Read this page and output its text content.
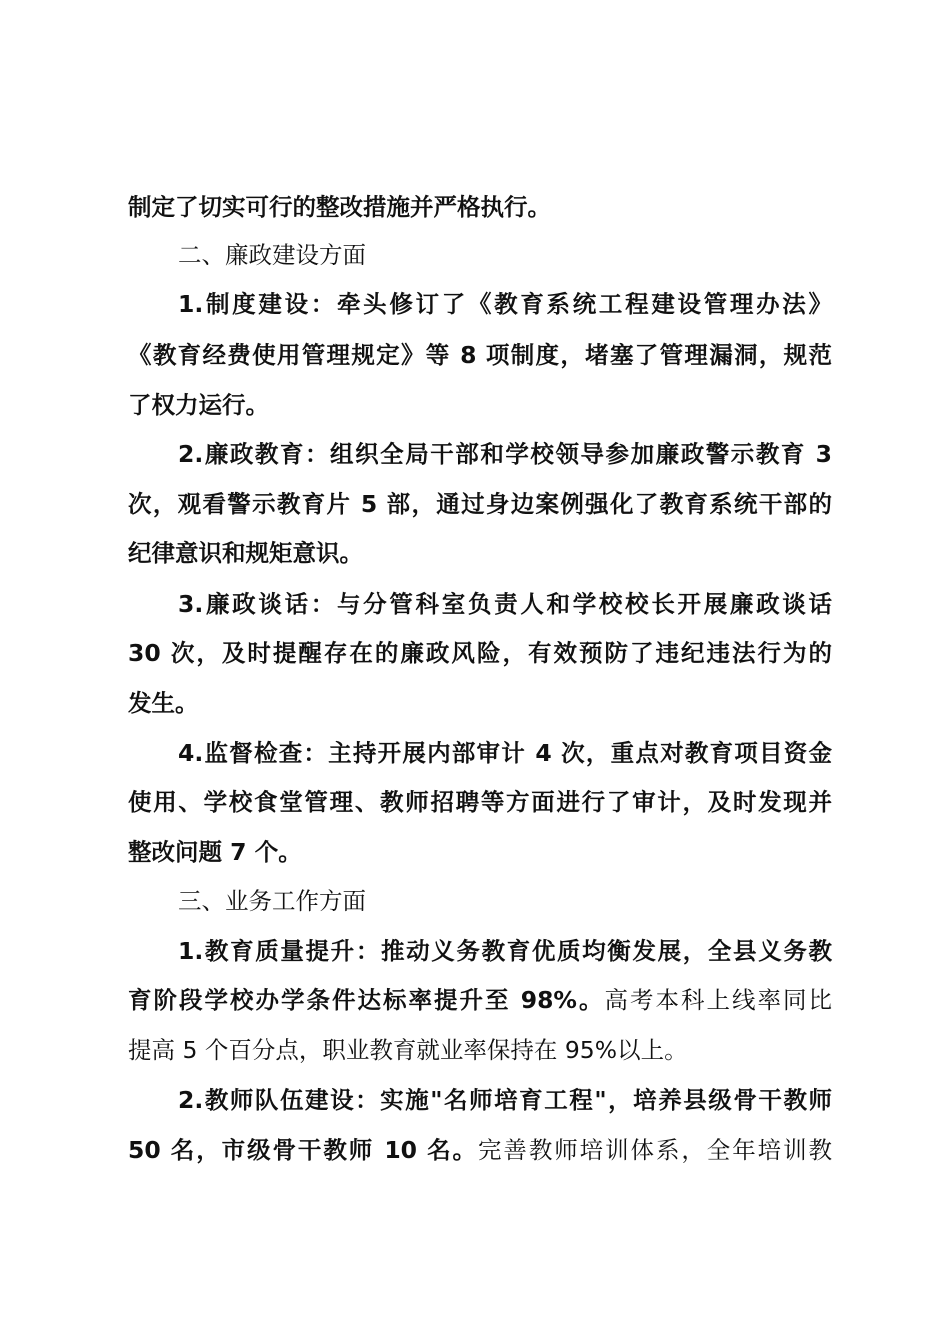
制定了切实可行的整改措施并严格执行。
二、廉政建设方面
1.制度建设：牵头修订了《教育系统工程建设管理办法》
《教育经费使用管理规定》等 8 项制度，堵塞了管理漏洞，规范
了权力运行。
2.廉政教育：组织全局干部和学校领导参加廉政警示教育 3
次，观看警示教育片 5 部，通过身边案例强化了教育系统干部的
纪律意识和规矩意识。
3.廉政谈话：与分管科室负责人和学校校长开展廉政谈话
30 次，及时提醒存在的廉政风险，有效预防了违纪违法行为的
发生。
4.监督检查：主持开展内部审计 4 次，重点对教育项目资金
使用、学校食堂管理、教师招聘等方面进行了审计，及时发现并
整改问题 7 个。
三、业务工作方面
1.教育质量提升：推动义务教育优质均衡发展，全县义务教
育阶段学校办学条件达标率提升至 98%。高考本科上线率同比
提高 5 个百分点，职业教育就业率保持在 95%以上。
2.教师队伍建设：实施"名师培育工程"，培养县级骨干教师
50 名，市级骨干教师 10 名。完善教师培训体系，全年培训教
